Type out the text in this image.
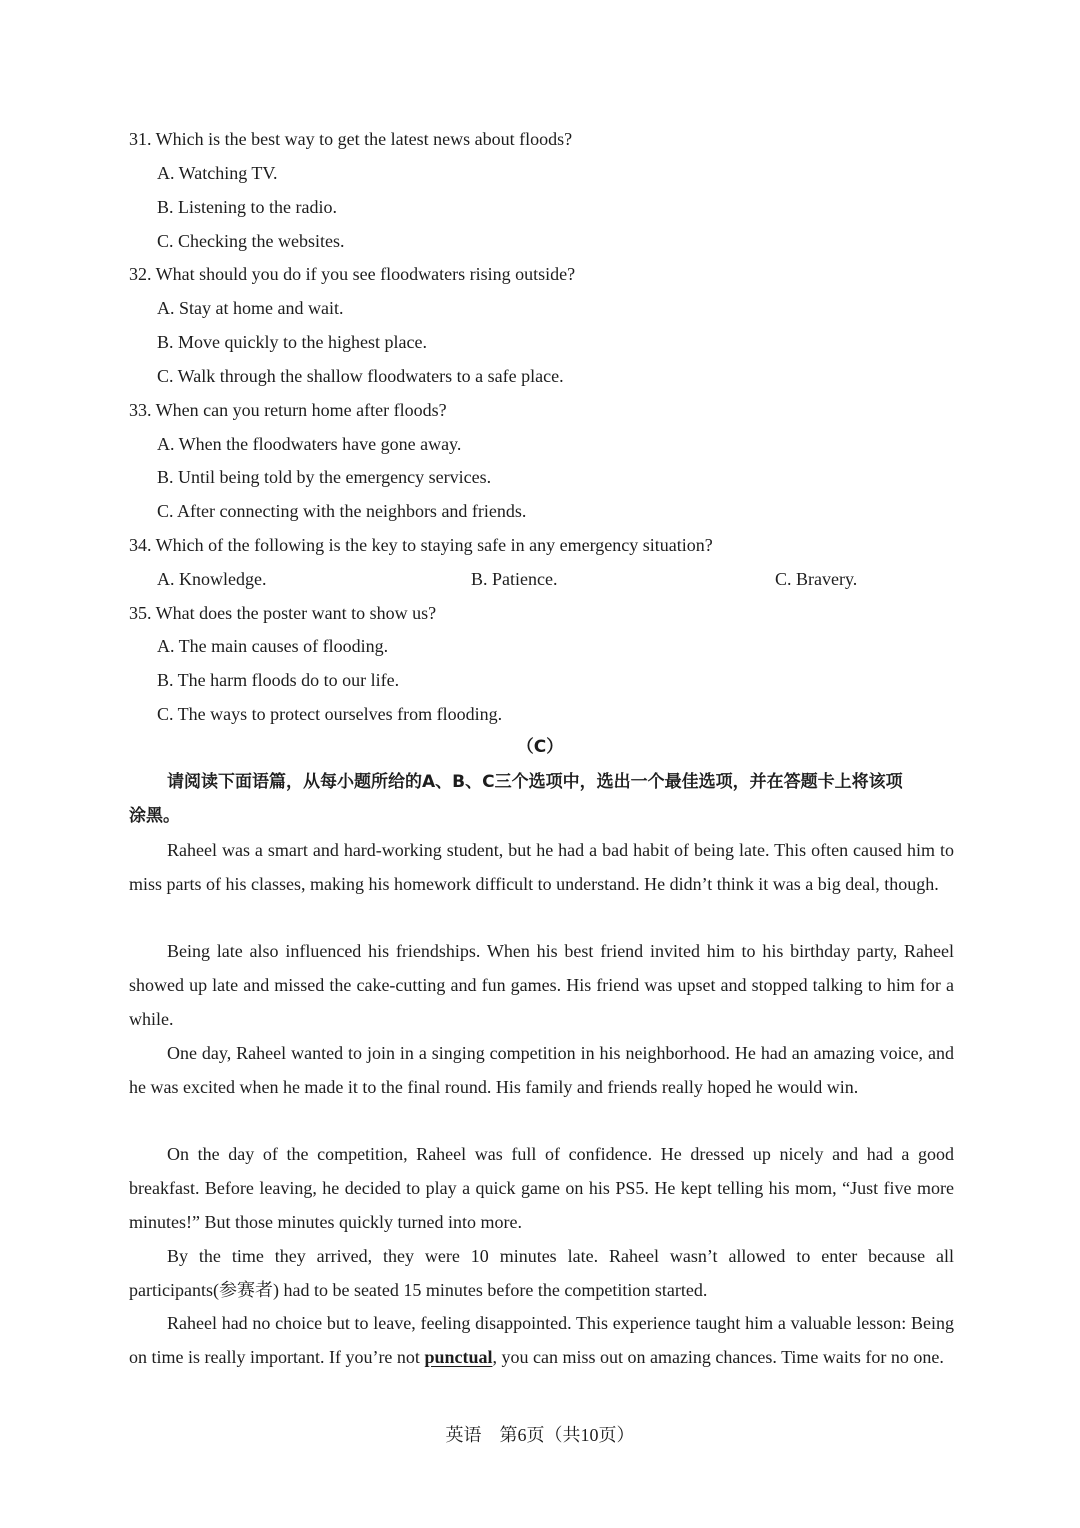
31. Which is the best way to get the latest news about floods?
A. Watching TV.
B. Listening to the radio.
C. Checking the websites.
32. What should you do if you see floodwaters rising outside?
A. Stay at home and wait.
B. Move quickly to the highest place.
C. Walk through the shallow floodwaters to a safe place.
33. When can you return home after floods?
A. When the floodwaters have gone away.
B. Until being told by the emergency services.
C. After connecting with the neighbors and friends.
34. Which of the following is the key to staying safe in any emergency situation?
A. Knowledge.	B. Patience.	C. Bravery.
35. What does the poster want to show us?
A. The main causes of flooding.
B. The harm floods do to our life.
C. The ways to protect ourselves from flooding.
（C）
请阅读下面语篇，从每小题所给的A、B、C三个选项中，选出一个最佳选项，并在答题卡上将该项
涂黑。
Raheel was a smart and hard-working student, but he had a bad habit of being late. This often caused him to miss parts of his classes, making his homework difficult to understand. He didn’t think it was a big deal, though.
Being late also influenced his friendships. When his best friend invited him to his birthday party, Raheel showed up late and missed the cake-cutting and fun games. His friend was upset and stopped talking to him for a while.
One day, Raheel wanted to join in a singing competition in his neighborhood. He had an amazing voice, and he was excited when he made it to the final round. His family and friends really hoped he would win.
On the day of the competition, Raheel was full of confidence. He dressed up nicely and had a good breakfast. Before leaving, he decided to play a quick game on his PS5. He kept telling his mom, “Just five more minutes!” But those minutes quickly turned into more.
By the time they arrived, they were 10 minutes late. Raheel wasn’t allowed to enter because all participants(参赛者) had to be seated 15 minutes before the competition started.
Raheel had no choice but to leave, feeling disappointed. This experience taught him a valuable lesson: Being on time is really important. If you’re not punctual, you can miss out on amazing chances. Time waits for no one.
英语　第6页（共10页）
